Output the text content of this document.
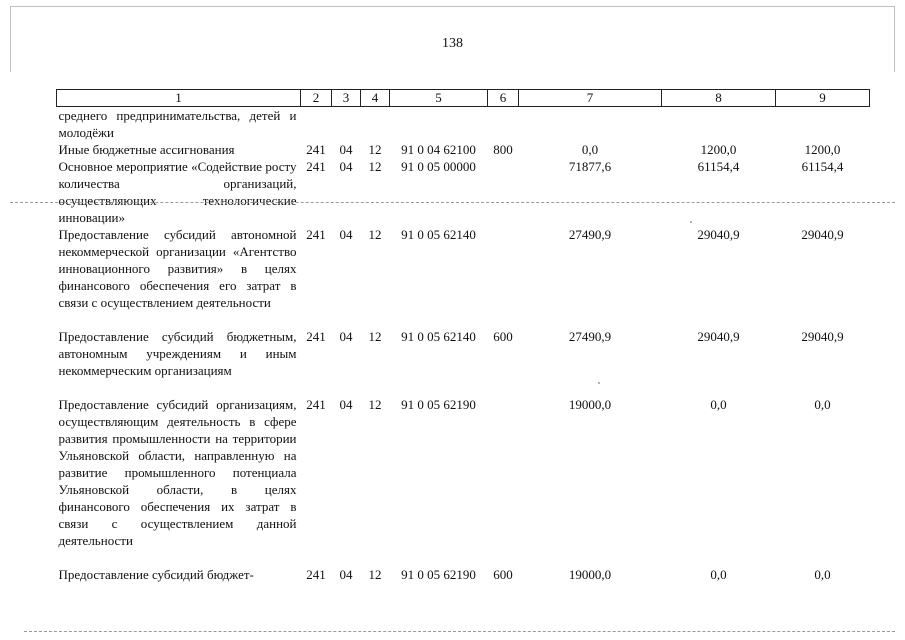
138
1	2	3	4	5	6	7	8	9
среднего предпринимательства, детей и молодёжи								
Иные бюджетные ассигнования	241	04	12	91 0 04 62100	800	0,0	1200,0	1200,0
Основное мероприятие «Содействие росту количества организаций, осуществляющих технологические инновации»	241	04	12	91 0 05 00000		71877,6	61154,4	61154,4
Предоставление субсидий автономной некоммерческой организации «Агентство инновационного развития» в целях финансового обеспечения его затрат в связи с осуществлением деятельности	241	04	12	91 0 05 62140		27490,9	29040,9	29040,9
Предоставление субсидий бюджетным, автономным учреждениям и иным некоммерческим организациям	241	04	12	91 0 05 62140	600	27490,9	29040,9	29040,9
Предоставление субсидий организациям, осуществляющим деятельность в сфере развития промышленности на территории Ульяновской области, направленную на развитие промышленного потенциала Ульяновской области, в целях финансового обеспечения их затрат в связи с осуществлением данной деятельности	241	04	12	91 0 05 62190		19000,0	0,0	0,0
Предоставление субсидий бюджет-	241	04	12	91 0 05 62190	600	19000,0	0,0	0,0
